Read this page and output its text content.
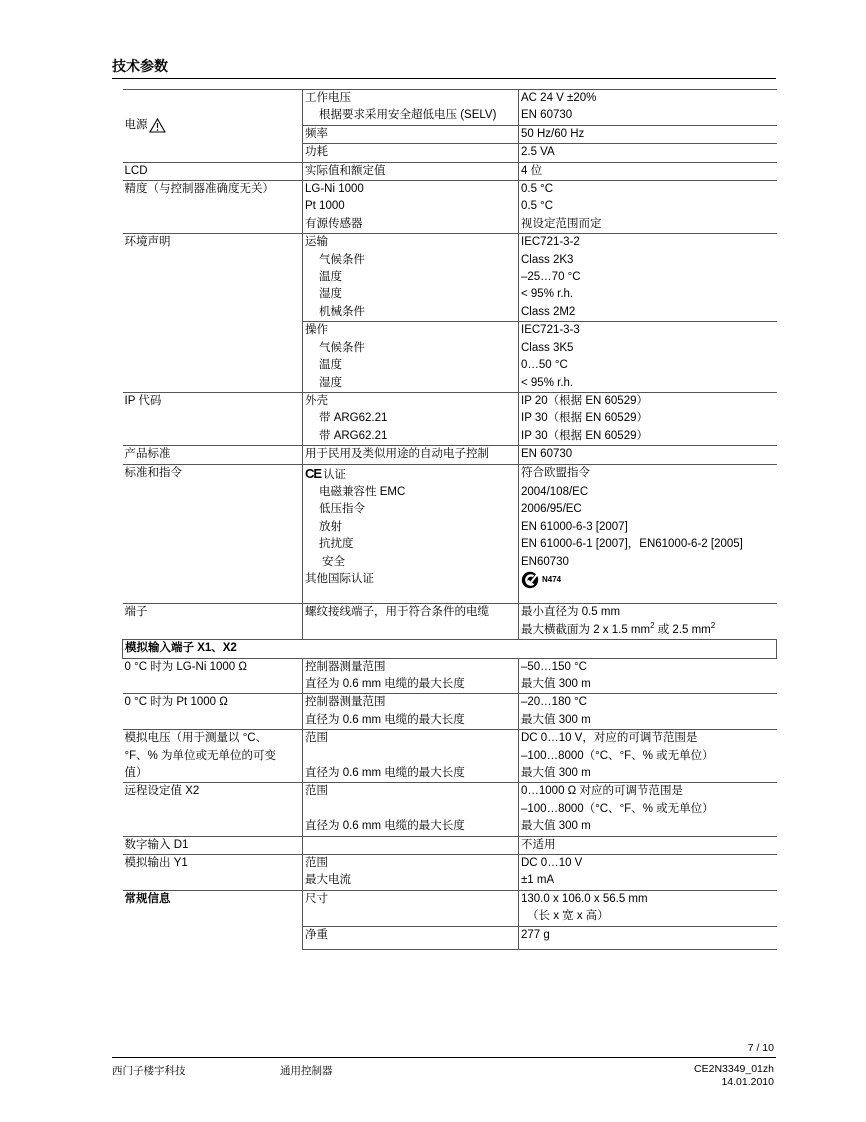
技术参数
电源	工作电压	AC 24 V ±20%
	根据要求采用安全超低电压 (SELV)	EN 60730
	频率	50 Hz/60 Hz
	功耗	2.5 VA
LCD	实际值和额定值	4 位
精度（与控制器准确度无关）	LG-Ni 1000	0.5 °C
	Pt 1000	0.5 °C
	有源传感器	视设定范围而定
环境声明	运输	IEC721-3-2
	气候条件	Class 2K3
	温度	–25…70 °C
	湿度	< 95% r.h.
	机械条件	Class 2M2
	操作	IEC721-3-3
	气候条件	Class 3K5
	温度	0…50 °C
	湿度	< 95% r.h.
IP 代码	外壳	IP 20（根据 EN 60529）
	带 ARG62.21	IP 30（根据 EN 60529）
	带 ARG62.21	IP 30（根据 EN 60529）
产品标准	用于民用及类似用途的自动电子控制	EN 60730
标准和指令	CE 认证	符合欧盟指令
	电磁兼容性 EMC	2004/108/EC
	低压指令	2006/95/EC
	放射	EN 61000-6-3 [2007]
	抗扰度	EN 61000-6-1 [2007]，EN61000-6-2 [2005]
	安全	EN60730
	其他国际认证	N474

端子	螺纹接线端子，用于符合条件的电缆	最小直径为 0.5 mm
		最大横截面为 2 x 1.5 $mm^2$ 或 2.5 $mm^2$
模拟输入端子 X1、X2		
0 °C 时为 LG-Ni 1000 Ω	控制器测量范围	–50…150 °C
	直径为 0.6 mm 电缆的最大长度	最大值 300 m
0 °C 时为 Pt 1000 Ω	控制器测量范围	–20…180 °C
	直径为 0.6 mm 电缆的最大长度	最大值 300 m
模拟电压（用于测量以 °C、
°F、% 为单位或无单位的可变
值）	范围	DC 0…10 V，对应的可调节范围是
		–100…8000（°C、°F、% 或无单位）
	直径为 0.6 mm 电缆的最大长度	最大值 300 m
远程设定值 X2	范围	0…1000 Ω 对应的可调节范围是
		–100…8000（°C、°F、% 或无单位）
	直径为 0.6 mm 电缆的最大长度	最大值 300 m
数字输入 D1		不适用
模拟输出 Y1	范围	DC 0…10 V
	最大电流	±1 mA
常规信息	尺寸	130.0 x 106.0 x 56.5 mm
		（长 x 宽 x 高）
	净重	277 g
7 / 10
西门子楼宇科技	通用控制器	CE2N3349_01zh
14.01.2010
